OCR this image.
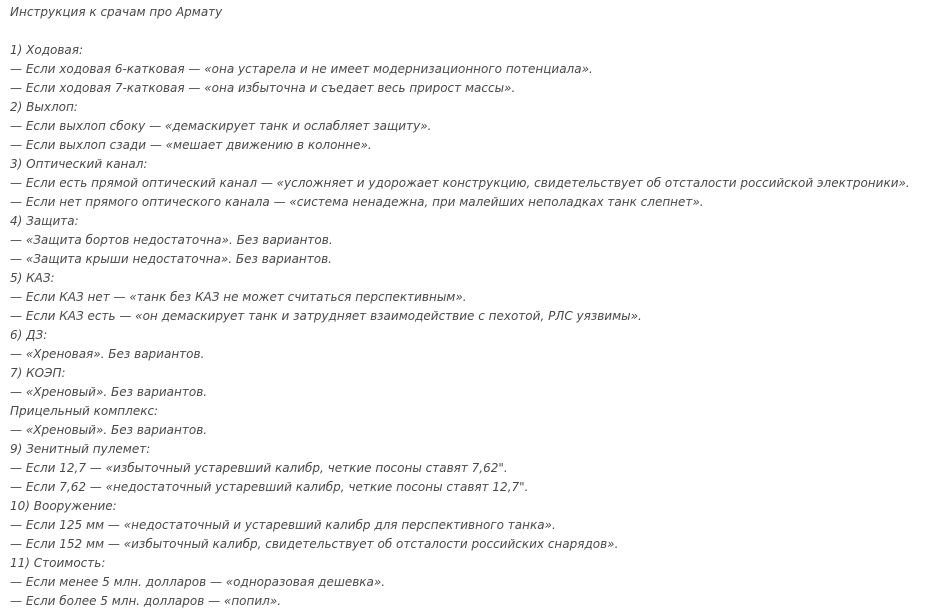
Инструкция к срачам про Армату
1) Ходовая:
— Если ходовая 6-катковая — «она устарела и не имеет модернизационного потенциала».
— Если ходовая 7-катковая — «она избыточна и съедает весь прирост массы».
2) Выхлоп:
— Если выхлоп сбоку — «демаскирует танк и ослабляет защиту».
— Если выхлоп сзади — «мешает движению в колонне».
3) Оптический канал:
— Если есть прямой оптический канал — «усложняет и удорожает конструкцию, свидетельствует об отсталости российской электроники».
— Если нет прямого оптического канала — «система ненадежна, при малейших неполадках танк слепнет».
4) Защита:
— «Защита бортов недостаточна». Без вариантов.
— «Защита крыши недостаточна». Без вариантов.
5) КАЗ:
— Если КАЗ нет — «танк без КАЗ не может считаться перспективным».
— Если КАЗ есть — «он демаскирует танк и затрудняет взаимодействие с пехотой, РЛС уязвимы».
6) ДЗ:
— «Хреновая». Без вариантов.
7) КОЭП:
— «Хреновый». Без вариантов.
Прицельный комплекс:
— «Хреновый». Без вариантов.
9) Зенитный пулемет:
— Если 12,7 — «избыточный устаревший калибр, четкие посоны ставят 7,62".
— Если 7,62 — «недостаточный устаревший калибр, четкие посоны ставят 12,7".
10) Вооружение:
— Если 125 мм — «недостаточный и устаревший калибр для перспективного танка».
— Если 152 мм — «избыточный калибр, свидетельствует об отсталости российских снарядов».
11) Стоимость:
— Если менее 5 млн. долларов — «одноразовая дешевка».
— Если более 5 млн. долларов — «попил».
